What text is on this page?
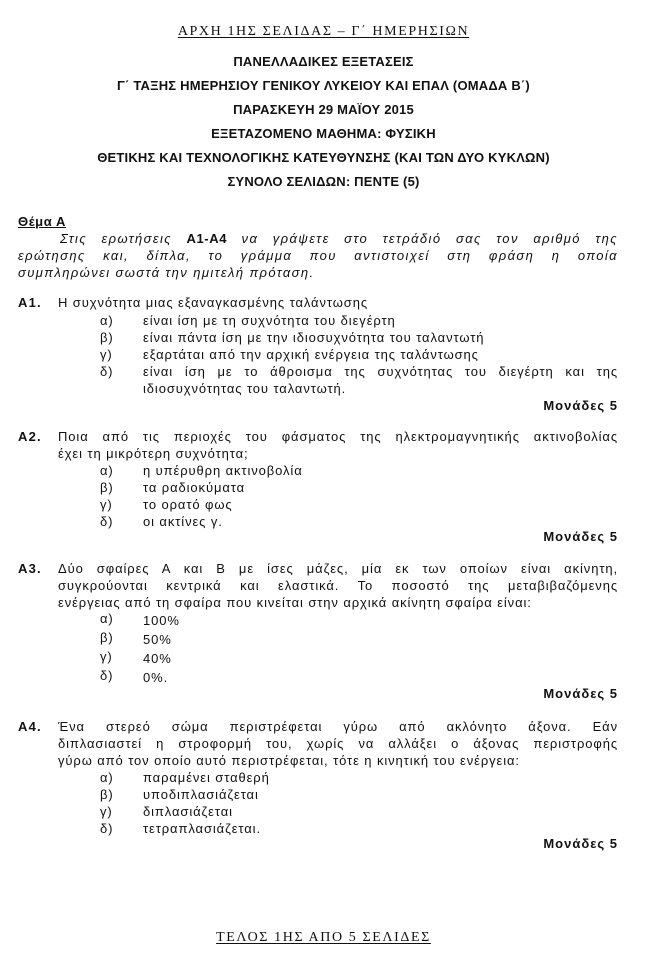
ΑΡΧΗ 1ΗΣ ΣΕΛΙΔΑΣ – Γ΄ ΗΜΕΡΗΣΙΩΝ
ΠΑΝΕΛΛΑΔΙΚΕΣ ΕΞΕΤΑΣΕΙΣ
Γ΄ ΤΑΞΗΣ ΗΜΕΡΗΣΙΟΥ ΓΕΝΙΚΟΥ ΛΥΚΕΙΟΥ ΚΑΙ ΕΠΑΛ (ΟΜΑΔΑ Β΄)
ΠΑΡΑΣΚΕΥΗ 29 ΜΑΪΟΥ 2015
ΕΞΕΤΑΖΟΜΕΝΟ ΜΑΘΗΜΑ: ΦΥΣΙΚΗ
ΘΕΤΙΚΗΣ ΚΑΙ ΤΕΧΝΟΛΟΓΙΚΗΣ ΚΑΤΕΥΘΥΝΣΗΣ (ΚΑΙ ΤΩΝ ΔΥΟ ΚΥΚΛΩΝ)
ΣΥΝΟΛΟ ΣΕΛΙΔΩΝ: ΠΕΝΤΕ (5)
Θέμα Α
Στις ερωτήσεις Α1-Α4 να γράψετε στο τετράδιό σας τον αριθμό της
ερώτησης και, δίπλα, το γράμμα που αντιστοιχεί στη φράση η οποία
συμπληρώνει σωστά την ημιτελή πρόταση.
Α1. Η συχνότητα μιας εξαναγκασμένης ταλάντωσης
α) είναι ίση με τη συχνότητα του διεγέρτη
β) είναι πάντα ίση με την ιδιοσυχνότητα του ταλαντωτή
γ) εξαρτάται από την αρχική ενέργεια της ταλάντωσης
δ) είναι ίση με το άθροισμα της συχνότητας του διεγέρτη και της
ιδιοσυχνότητας του ταλαντωτή.
Μονάδες 5
Α2. Ποια από τις περιοχές του φάσματος της ηλεκτρομαγνητικής ακτινοβολίας
έχει τη μικρότερη συχνότητα;
α) η υπέρυθρη ακτινοβολία
β) τα ραδιοκύματα
γ) το ορατό φως
δ) οι ακτίνες γ.
Μονάδες 5
Α3. Δύο σφαίρες Α και Β με ίσες μάζες, μία εκ των οποίων είναι ακίνητη,
συγκρούονται κεντρικά και ελαστικά. Το ποσοστό της μεταβιβαζόμενης
ενέργειας από τη σφαίρα που κινείται στην αρχικά ακίνητη σφαίρα είναι:
α) 100%
β) 50%
γ) 40%
δ) 0%.
Μονάδες 5
Α4. Ένα στερεό σώμα περιστρέφεται γύρω από ακλόνητο άξονα. Εάν
διπλασιαστεί η στροφορμή του, χωρίς να αλλάξει ο άξονας περιστροφής
γύρω από τον οποίο αυτό περιστρέφεται, τότε η κινητική του ενέργεια:
α) παραμένει σταθερή
β) υποδιπλασιάζεται
γ) διπλασιάζεται
δ) τετραπλασιάζεται.
Μονάδες 5
ΤΕΛΟΣ 1ΗΣ ΑΠΟ 5 ΣΕΛΙΔΕΣ
